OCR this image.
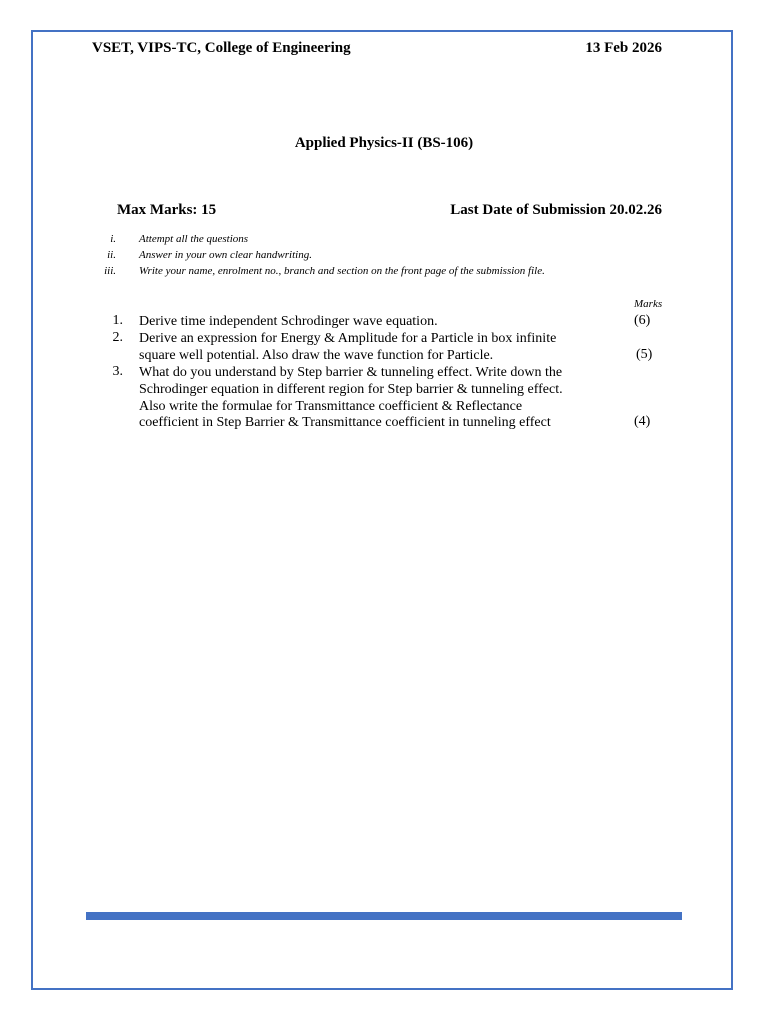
VSET, VIPS-TC, College of Engineering	13 Feb 2026
Applied Physics-II (BS-106)
Max Marks: 15	Last Date of Submission 20.02.26
i. Attempt all the questions
ii. Answer in your own clear handwriting.
iii. Write your name, enrolment no., branch and section on the front page of the submission file.
Marks
1. Derive time independent Schrodinger wave equation.	(6)
2. Derive an expression for Energy & Amplitude for a Particle in box infinite
square well potential. Also draw the wave function for Particle.	(5)
3. What do you understand by Step barrier & tunneling effect. Write down the
Schrodinger equation in different region for Step barrier & tunneling effect.
Also write the formulae for Transmittance coefficient & Reflectance
coefficient in Step Barrier & Transmittance coefficient in tunneling effect	(4)
